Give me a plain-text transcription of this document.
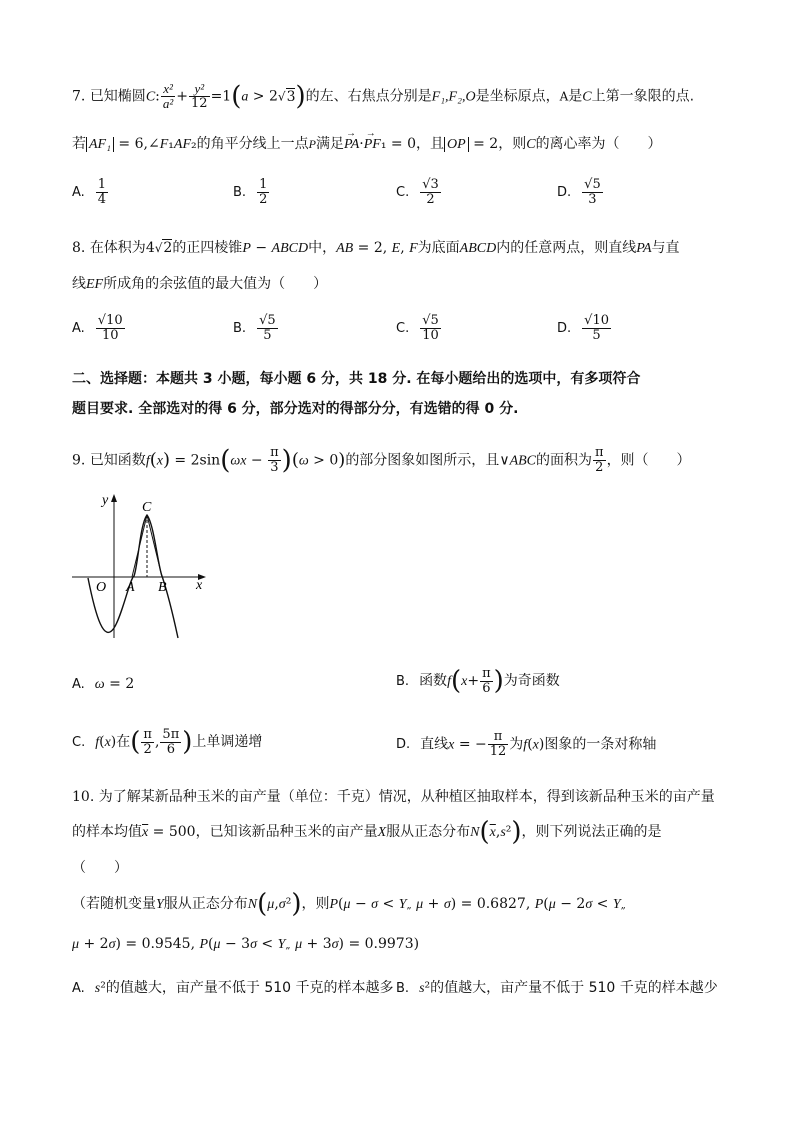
7. 已知椭圆C: $\frac{\text{x²}}{\text{a²}} + \frac{\text{y²}}{12} =1(a > 2√3)$的左、右焦点分别是F₁,F₂,O是坐标原点，A是C上第一象限的点.
若 AF₁ = 6,∠F₁AF₂的角平分线上一点P满足→ PA·→ PF₁ = 0，且 OP = 2，则C的离心率为（　　）
A. $\frac{1}{4}$	B. $\frac{1}{2}$	C. $\frac{√3}{2}$	D. $\frac{√5}{3}$
8. 在体积为4√2的正四棱锥P − ABCD中，AB = 2, E, F为底面ABCD内的任意两点，则直线PA与直
线EF所成角的余弦值的最大值为（　　）
A. $\frac{√10}{10}$	B. $\frac{√5}{5}$	C. $\frac{√5}{10}$	D. $\frac{√10}{5}$
二、选择题：本题共 3 小题，每小题 6 分，共 18 分. 在每小题给出的选项中，有多项符合
题目要求. 全部选对的得 6 分，部分选对的得部分分，有选错的得 0 分.
9. 已知函数$f(x) = 2\sin(\omega x - \frac{\pi}{3} )(\omega > 0)$的部分图象如图所示，且∨ABC的面积为 $\frac{\pi}{2}$ ，则（　　）
y
x
O A B
C
A. ω = 2	B. 函数$f(x+ \frac{\pi}{6}$ )为奇函数
C. f(x)在( $\frac{\pi}{2}$ , $\frac{5\pi}{6}$ )上单调递增	D. 直线x = − $\frac{\pi}{12}$ 为f(x)图象的一条对称轴
10. 为了解某新品种玉米的亩产量（单位：千克）情况，从种植区抽取样本，得到该新品种玉米的亩产量
的样本均值$\overline{x} = 500$，已知该新品种玉米的亩产量X服从正态分布$N(\overline{x},s^2)$，则下列说法正确的是
（　　）
（若随机变量Y服从正态分布N(μ,σ²)，则P(μ − σ < Y„ μ + σ) = 0.6827, P(μ − 2σ < Y„
μ + 2σ) = 0.9545, P(μ − 3σ < Y„ μ + 3σ) = 0.9973)
A. s²的值越大，亩产量不低于 510 千克的样本越多 B. s²的值越大，亩产量不低于 510 千克的样本越少
